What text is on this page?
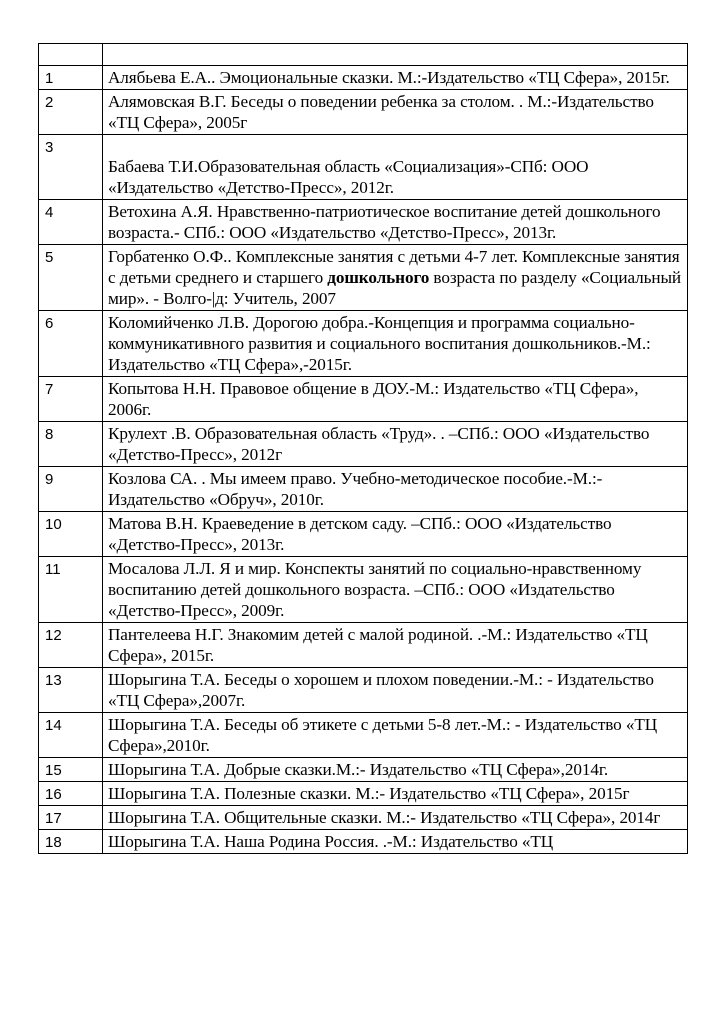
1	Алябьева Е.А.. Эмоциональные сказки. М.:-Издательство «ТЦ Сфера», 2015г.
2	Алямовская В.Г. Беседы о поведении ребенка за столом. . М.:-Издательство «ТЦ Сфера», 2005г
3	Бабаева Т.И.Образовательная область «Социализация»-СПб: ООО «Издательство «Детство-Пресс», 2012г.
4	Ветохина А.Я. Нравственно-патриотическое воспитание детей дошкольного возраста.- СПб.: ООО «Издательство «Детство-Пресс», 2013г.
5	Горбатенко О.Ф.. Комплексные занятия с детьми 4-7 лет. Комплексные занятия с детьми среднего и старшего дошкольного возраста по разделу «Социальный мир». - Волго-|д: Учитель, 2007
6	Коломийченко Л.В. Дорогою добра.-Концепция и программа социально-коммуникативного развития и социального воспитания дошкольников.-М.: Издательство «ТЦ Сфера»,-2015г.
7	Копытова Н.Н. Правовое общение в ДОУ.-М.: Издательство «ТЦ Сфера», 2006г.
8	Крулехт .В. Образовательная область «Труд». . –СПб.: ООО «Издательство «Детство-Пресс», 2012г
9	Козлова СА. . Мы имеем право. Учебно-методическое пособие.-М.:- Издательство «Обруч», 2010г.
10	Матова В.Н. Краеведение в детском саду. –СПб.: ООО «Издательство «Детство-Пресс», 2013г.
11	Мосалова Л.Л. Я и мир. Конспекты занятий по социально-нравственному воспитанию детей дошкольного возраста. –СПб.: ООО «Издательство «Детство-Пресс», 2009г.
12	Пантелеева Н.Г. Знакомим детей с малой родиной. .-М.: Издательство «ТЦ Сфера», 2015г.
13	Шорыгина Т.А. Беседы о хорошем и плохом поведении.-М.: - Издательство «ТЦ Сфера»,2007г.
14	Шорыгина Т.А. Беседы об этикете с детьми 5-8 лет.-М.: - Издательство «ТЦ Сфера»,2010г.
15	Шорыгина Т.А. Добрые сказки.М.:- Издательство «ТЦ Сфера»,2014г.
16	Шорыгина Т.А. Полезные сказки. М.:- Издательство «ТЦ Сфера», 2015г
17	Шорыгина Т.А. Общительные сказки. М.:- Издательство «ТЦ Сфера», 2014г
18	Шорыгина Т.А. Наша Родина Россия. .-М.: Издательство «ТЦ
